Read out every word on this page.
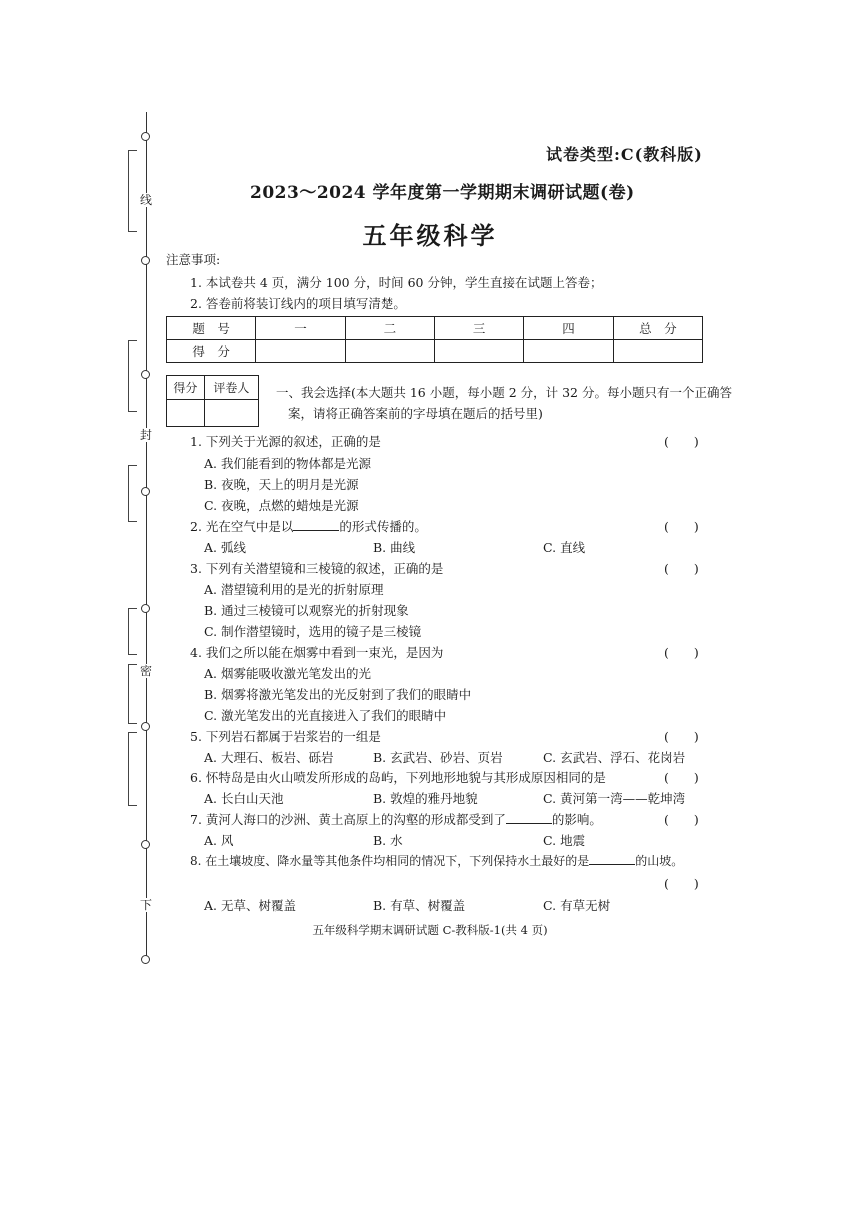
线
封
密
下
试卷类型:C(教科版)
2023～2024 学年度第一学期期末调研试题(卷)
五年级科学
注意事项:
1. 本试卷共 4 页，满分 100 分，时间 60 分钟，学生直接在试题上答卷；
2. 答卷前将装订线内的项目填写清楚。
题　号	一	二	三	四	总　分
得　分					
得分	评卷人
	一、我会选择(本大题共 16 小题，每小题 2 分，计 32 分。每小题只有一个正确答
案，请将正确答案前的字母填在题后的括号里)
1. 下列关于光源的叙述，正确的是	(　　)
A. 我们能看到的物体都是光源
B. 夜晚，天上的明月是光源
C. 夜晚，点燃的蜡烛是光源
2. 光在空气中是以	的形式传播的。	(　　)
A. 弧线	B. 曲线	C. 直线
3. 下列有关潜望镜和三棱镜的叙述，正确的是	(　　)
A. 潜望镜利用的是光的折射原理
B. 通过三棱镜可以观察光的折射现象
C. 制作潜望镜时，选用的镜子是三棱镜
4. 我们之所以能在烟雾中看到一束光，是因为	(　　)
A. 烟雾能吸收激光笔发出的光
B. 烟雾将激光笔发出的光反射到了我们的眼睛中
C. 激光笔发出的光直接进入了我们的眼睛中
5. 下列岩石都属于岩浆岩的一组是	(　　)
A. 大理石、板岩、砾岩	B. 玄武岩、砂岩、页岩	C. 玄武岩、浮石、花岗岩
6. 怀特岛是由火山喷发所形成的岛屿，下列地形地貌与其形成原因相同的是	(　　)
A. 长白山天池	B. 敦煌的雅丹地貌	C. 黄河第一湾——乾坤湾
7. 黄河人海口的沙洲、黄土高原上的沟壑的形成都受到了	的影响。	(　　)
A. 风	B. 水	C. 地震
8. 在土壤坡度、降水量等其他条件均相同的情况下，下列保持水土最好的是	的山坡。
(　　)
A. 无草、树覆盖	B. 有草、树覆盖	C. 有草无树
五年级科学期末调研试题 C-教科版-1(共 4 页)
